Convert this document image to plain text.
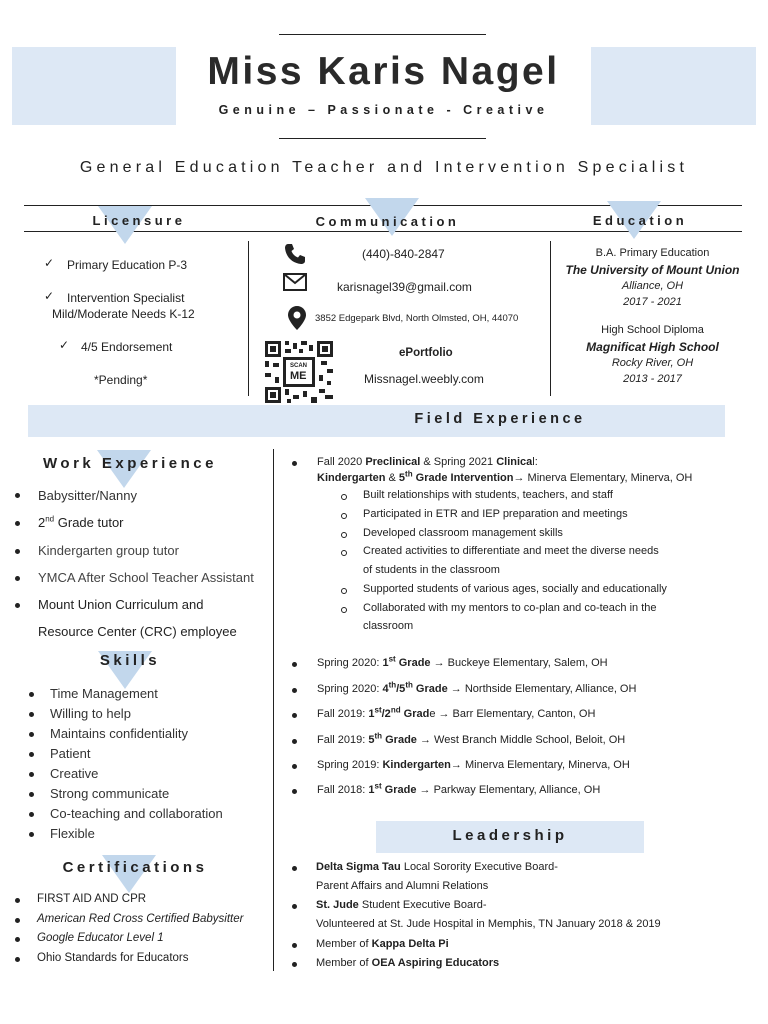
Miss Karis Nagel
Genuine – Passionate - Creative
General Education Teacher and Intervention Specialist
Licensure	Communication	Education
✓ Primary Education P-3
✓ Intervention Specialist
Mild/Moderate Needs K-12
✓ 4/5 Endorsement
*Pending*
(440)-840-2847
karisnagel39@gmail.com
3852 Edgepark Blvd, North Olmsted, OH, 44070
SCAN
ME
ePortfolio
Missnagel.weebly.com
B.A. Primary Education
The University of Mount Union
Alliance, OH
2017 - 2021
High School Diploma
Magnificat High School
Rocky River, OH
2013 - 2017
Field Experience
Work Experience
Babysitter/Nanny
2nd Grade tutor
Kindergarten group tutor
YMCA After School Teacher Assistant
Mount Union Curriculum and
Resource Center (CRC) employee
Skills
Time Management
Willing to help
Maintains confidentiality
Patient
Creative
Strong communicate
Co-teaching and collaboration
Flexible
Certifications
FIRST AID AND CPR
American Red Cross Certified Babysitter
Google Educator Level 1
Ohio Standards for Educators
Fall 2020 Preclinical & Spring 2021 Clinical:
Kindergarten & 5th Grade Intervention→ Minerva Elementary, Minerva, OH
Built relationships with students, teachers, and staff
Participated in ETR and IEP preparation and meetings
Developed classroom management skills
Created activities to differentiate and meet the diverse needs
of students in the classroom
Supported students of various ages, socially and educationally
Collaborated with my mentors to co-plan and co-teach in the
classroom
Spring 2020: 1st Grade → Buckeye Elementary, Salem, OH
Spring 2020: 4th/5th Grade → Northside Elementary, Alliance, OH
Fall 2019: 1st/2nd Grade → Barr Elementary, Canton, OH
Fall 2019: 5th Grade → West Branch Middle School, Beloit, OH
Spring 2019: Kindergarten→ Minerva Elementary, Minerva, OH
Fall 2018: 1st Grade → Parkway Elementary, Alliance, OH
Leadership
Delta Sigma Tau Local Sorority Executive Board-
Parent Affairs and Alumni Relations
St. Jude Student Executive Board-
Volunteered at St. Jude Hospital in Memphis, TN January 2018 & 2019
Member of Kappa Delta Pi
Member of OEA Aspiring Educators
